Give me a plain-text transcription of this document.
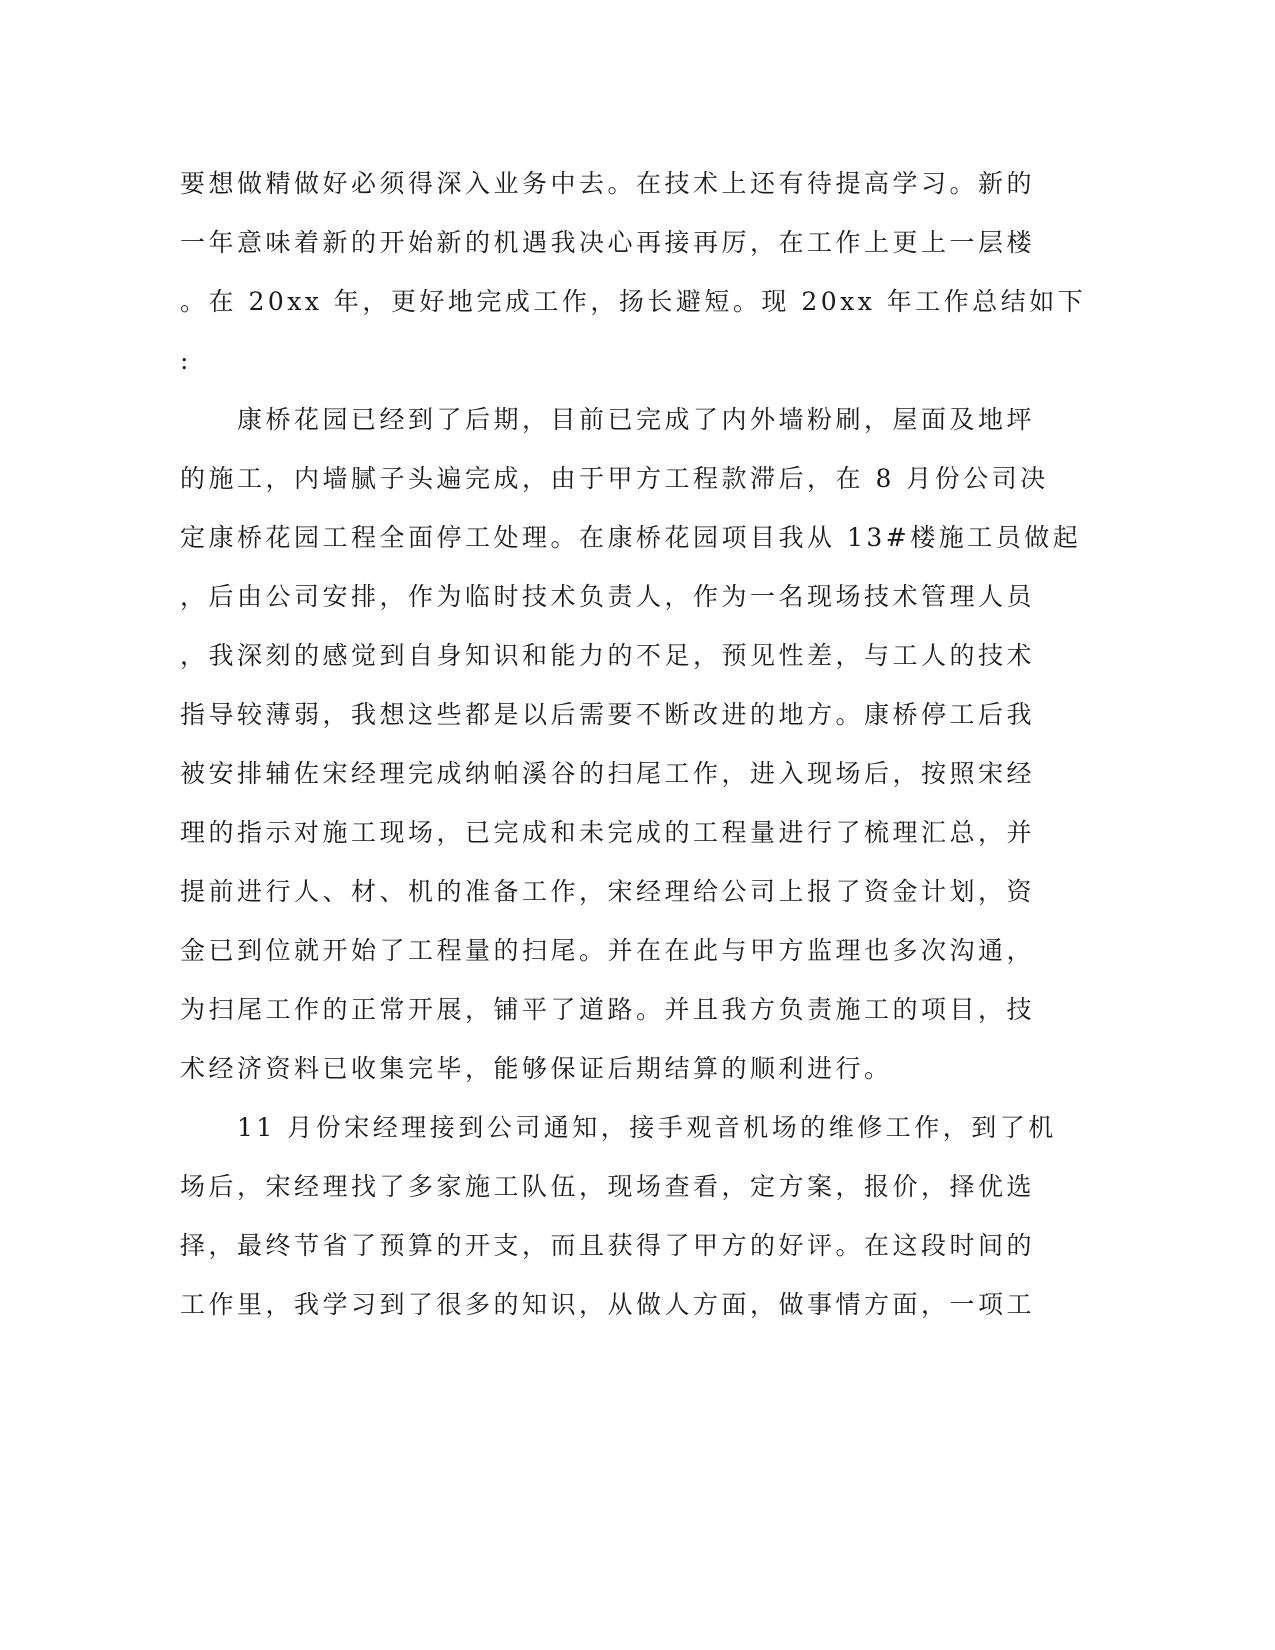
要想做精做好必须得深入业务中去。在技术上还有待提高学习。新的
一年意味着新的开始新的机遇我决心再接再厉，在工作上更上一层楼
。在 20xx 年，更好地完成工作，扬长避短。现 20xx 年工作总结如下
:
　　康桥花园已经到了后期，目前已完成了内外墙粉刷，屋面及地坪
的施工，内墙腻子头遍完成，由于甲方工程款滞后，在 8 月份公司决
定康桥花园工程全面停工处理。在康桥花园项目我从 13#楼施工员做起
，后由公司安排，作为临时技术负责人，作为一名现场技术管理人员
，我深刻的感觉到自身知识和能力的不足，预见性差，与工人的技术
指导较薄弱，我想这些都是以后需要不断改进的地方。康桥停工后我
被安排辅佐宋经理完成纳帕溪谷的扫尾工作，进入现场后，按照宋经
理的指示对施工现场，已完成和未完成的工程量进行了梳理汇总，并
提前进行人、材、机的准备工作，宋经理给公司上报了资金计划，资
金已到位就开始了工程量的扫尾。并在在此与甲方监理也多次沟通，
为扫尾工作的正常开展，铺平了道路。并且我方负责施工的项目，技
术经济资料已收集完毕，能够保证后期结算的顺利进行。
　　11 月份宋经理接到公司通知，接手观音机场的维修工作，到了机
场后，宋经理找了多家施工队伍，现场查看，定方案，报价，择优选
择，最终节省了预算的开支，而且获得了甲方的好评。在这段时间的
工作里，我学习到了很多的知识，从做人方面，做事情方面，一项工
